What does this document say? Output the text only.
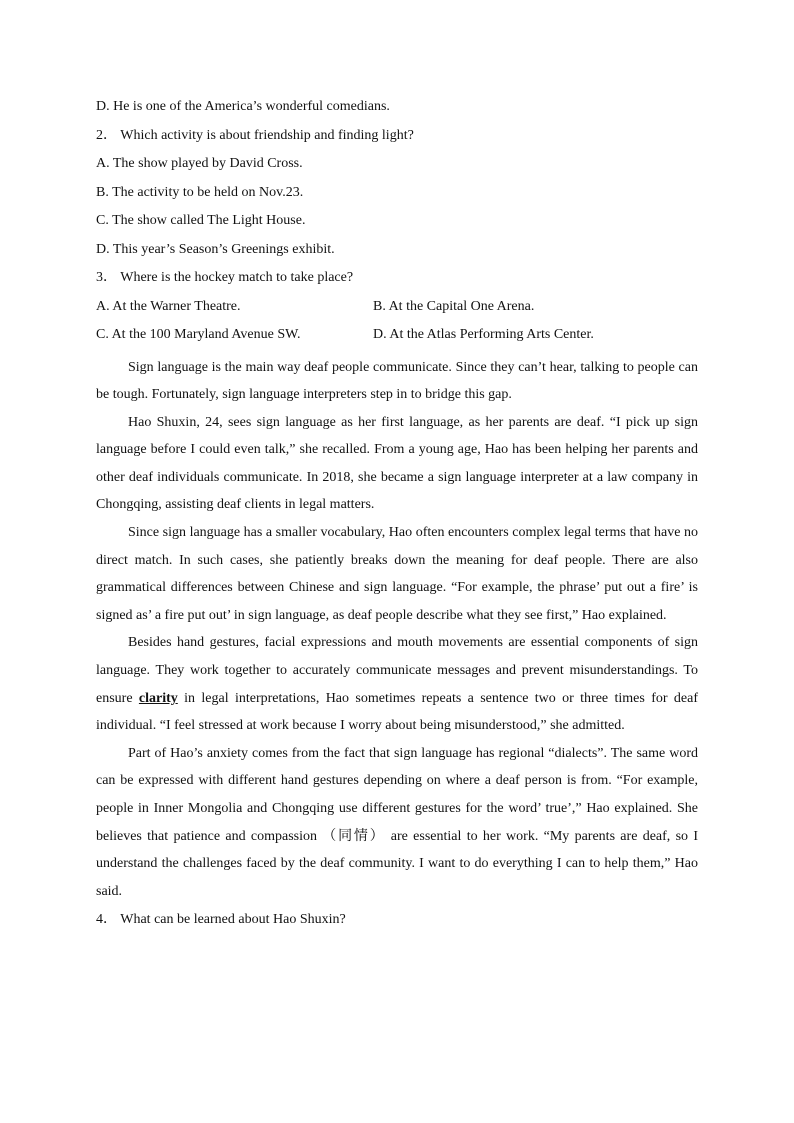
D. He is one of the America’s wonderful comedians.

2． Which activity is about friendship and finding light?

A. The show played by David Cross.

B. The activity to be held on Nov.23.

C. The show called The Light House.

D. This year’s Season’s Greenings exhibit.

3． Where is the hockey match to take place?

A. At the Warner Theatre.	B. At the Capital One Arena.
C. At the 100 Maryland Avenue SW.	D. At the Atlas Performing Arts Center.

Sign language is the main way deaf people communicate. Since they can’t hear, talking to people can be tough. Fortunately, sign language interpreters step in to bridge this gap.

Hao Shuxin, 24, sees sign language as her first language, as her parents are deaf. “I pick up sign language before I could even talk,” she recalled. From a young age, Hao has been helping her parents and other deaf individuals communicate. In 2018, she became a sign language interpreter at a law company in Chongqing, assisting deaf clients in legal matters.

Since sign language has a smaller vocabulary, Hao often encounters complex legal terms that have no direct match. In such cases, she patiently breaks down the meaning for deaf people. There are also grammatical differences between Chinese and sign language. “For example, the phrase’ put out a fire’ is signed as’ a fire put out’ in sign language, as deaf people describe what they see first,” Hao explained.

Besides hand gestures, facial expressions and mouth movements are essential components of sign language. They work together to accurately communicate messages and prevent misunderstandings. To ensure clarity in legal interpretations, Hao sometimes repeats a sentence two or three times for deaf individual. “I feel stressed at work because I worry about being misunderstood,” she admitted.

Part of Hao’s anxiety comes from the fact that sign language has regional “dialects”. The same word can be expressed with different hand gestures depending on where a deaf person is from. “For example, people in Inner Mongolia and Chongqing use different gestures for the word’ true’,” Hao explained. She believes that patience and compassion （同情） are essential to her work. “My parents are deaf, so I understand the challenges faced by the deaf community. I want to do everything I can to help them,” Hao said.

4． What can be learned about Hao Shuxin?
